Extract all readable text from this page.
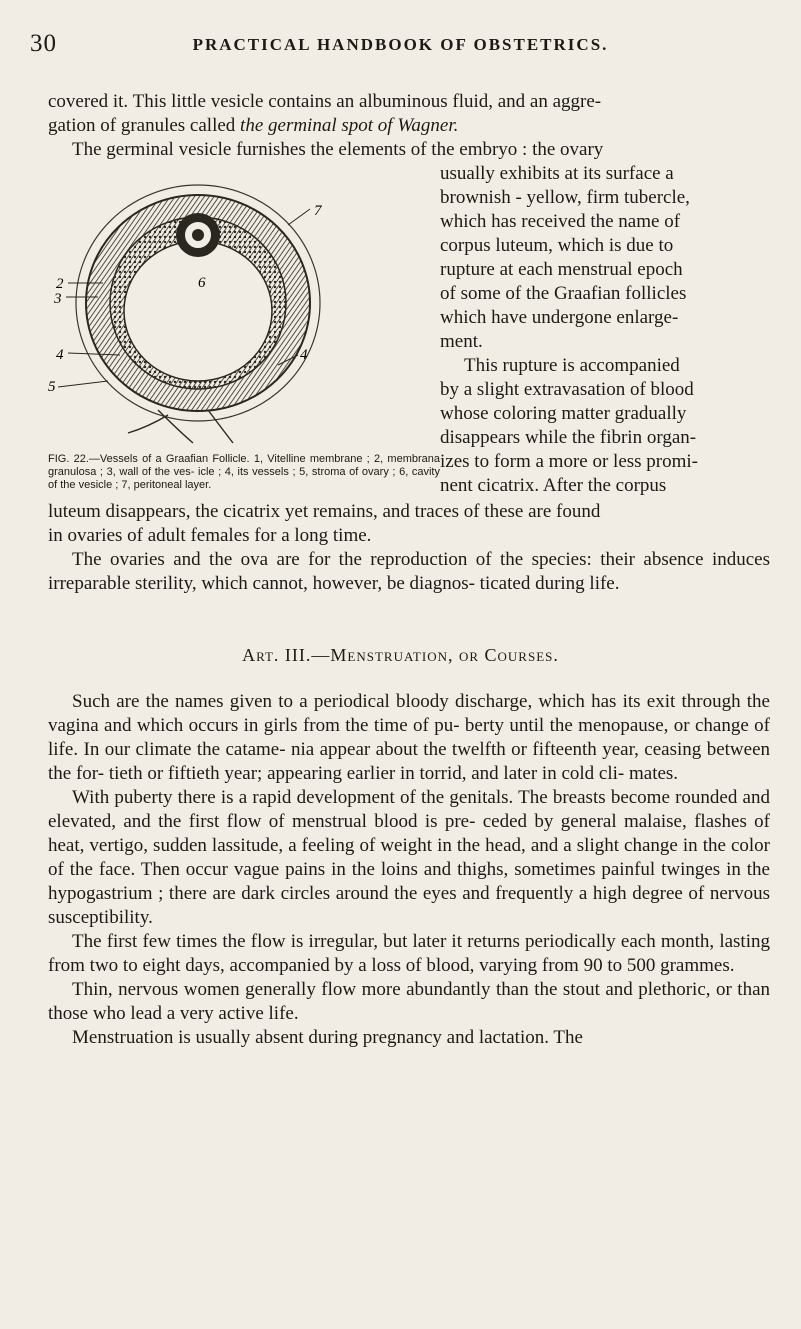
30	PRACTICAL HANDBOOK OF OBSTETRICS.

covered it. This little vesicle contains an albuminous fluid, and an aggre-

gation of granules called the germinal spot of Wagner.

The germinal vesicle furnishes the elements of the embryo : the ovary

7
2
3
6
4	4
5

usually exhibits at its surface a

brownish - yellow, firm tubercle,

which has received the name of

corpus luteum, which is due to

rupture at each menstrual epoch

of some of the Graafian follicles

which have undergone enlarge-

ment.

This rupture is accompanied

by a slight extravasation of blood

whose coloring matter gradually

disappears while the fibrin organ-

izes to form a more or less promi-

nent cicatrix. After the corpus

FIG. 22.—Vessels of a Graafian Follicle. 1, Vitelline membrane ; 2, membrana granulosa ; 3, wall of the ves- icle ; 4, its vessels ; 5, stroma of ovary ; 6, cavity of the vesicle ; 7, peritoneal layer.

luteum disappears, the cicatrix yet remains, and traces of these are found

in ovaries of adult females for a long time.

The ovaries and the ova are for the reproduction of the species: their absence induces irreparable sterility, which cannot, however, be diagnos- ticated during life.

Art. III.—Menstruation, or Courses.

Such are the names given to a periodical bloody discharge, which has its exit through the vagina and which occurs in girls from the time of pu- berty until the menopause, or change of life. In our climate the catame- nia appear about the twelfth or fifteenth year, ceasing between the for- tieth or fiftieth year; appearing earlier in torrid, and later in cold cli- mates.

With puberty there is a rapid development of the genitals. The breasts become rounded and elevated, and the first flow of menstrual blood is pre- ceded by general malaise, flashes of heat, vertigo, sudden lassitude, a feeling of weight in the head, and a slight change in the color of the face. Then occur vague pains in the loins and thighs, sometimes painful twinges in the hypogastrium ; there are dark circles around the eyes and frequently a high degree of nervous susceptibility.

The first few times the flow is irregular, but later it returns periodically each month, lasting from two to eight days, accompanied by a loss of blood, varying from 90 to 500 grammes.

Thin, nervous women generally flow more abundantly than the stout and plethoric, or than those who lead a very active life.

Menstruation is usually absent during pregnancy and lactation. The
